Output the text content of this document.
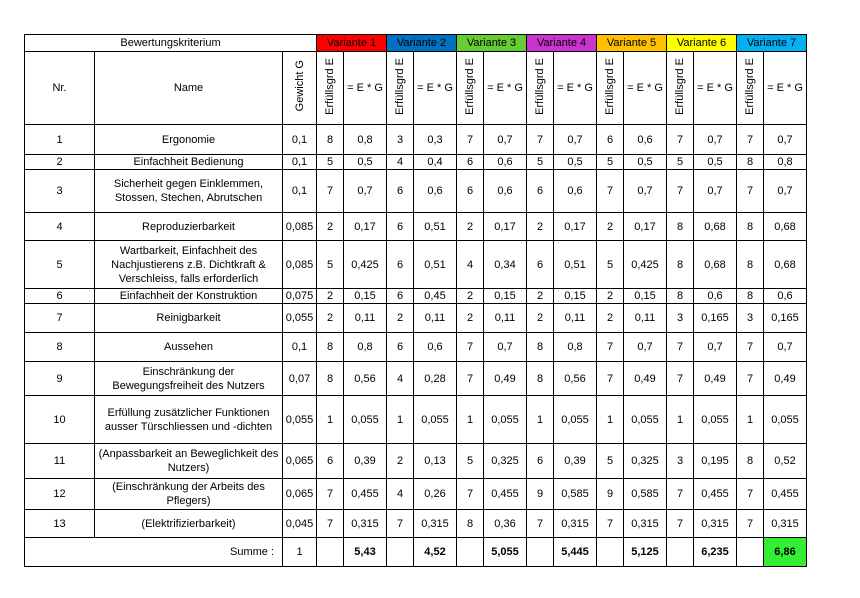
Bewertungskriterium			Variante 1		Variante 2		Variante 3		Variante 4		Variante 5		Variante 6		Variante 7	
Nr.	Name	Gewicht G	Erfüllsgrd E	= E * G	Erfüllsgrd E	= E * G	Erfüllsgrd E	= E * G	Erfüllsgrd E	= E * G	Erfüllsgrd E	= E * G	Erfüllsgrd E	= E * G	Erfüllsgrd E	= E * G
1	Ergonomie	0,1	8	0,8	3	0,3	7	0,7	7	0,7	6	0,6	7	0,7	7	0,7
2	Einfachheit Bedienung	0,1	5	0,5	4	0,4	6	0,6	5	0,5	5	0,5	5	0,5	8	0,8
3	Sicherheit gegen Einklemmen, Stossen, Stechen, Abrutschen	0,1	7	0,7	6	0,6	6	0,6	6	0,6	7	0,7	7	0,7	7	0,7
4	Reproduzierbarkeit	0,085	2	0,17	6	0,51	2	0,17	2	0,17	2	0,17	8	0,68	8	0,68
5	Wartbarkeit, Einfachheit des Nachjustierens z.B. Dichtkraft & Verschleiss, falls erforderlich	0,085	5	0,425	6	0,51	4	0,34	6	0,51	5	0,425	8	0,68	8	0,68
6	Einfachheit der Konstruktion	0,075	2	0,15	6	0,45	2	0,15	2	0,15	2	0,15	8	0,6	8	0,6
7	Reinigbarkeit	0,055	2	0,11	2	0,11	2	0,11	2	0,11	2	0,11	3	0,165	3	0,165
8	Aussehen	0,1	8	0,8	6	0,6	7	0,7	8	0,8	7	0,7	7	0,7	7	0,7
9	Einschränkung der Bewegungsfreiheit des Nutzers	0,07	8	0,56	4	0,28	7	0,49	8	0,56	7	0,49	7	0,49	7	0,49
10	Erfüllung zusätzlicher Funktionen ausser Türschliessen und -dichten	0,055	1	0,055	1	0,055	1	0,055	1	0,055	1	0,055	1	0,055	1	0,055
11	(Anpassbarkeit an Beweglichkeit des Nutzers)	0,065	6	0,39	2	0,13	5	0,325	6	0,39	5	0,325	3	0,195	8	0,52
12	(Einschränkung der Arbeits des Pflegers)	0,065	7	0,455	4	0,26	7	0,455	9	0,585	9	0,585	7	0,455	7	0,455
13	(Elektrifizierbarkeit)	0,045	7	0,315	7	0,315	8	0,36	7	0,315	7	0,315	7	0,315	7	0,315
Summe :		1		5,43		4,52		5,055		5,445		5,125		6,235		6,86
